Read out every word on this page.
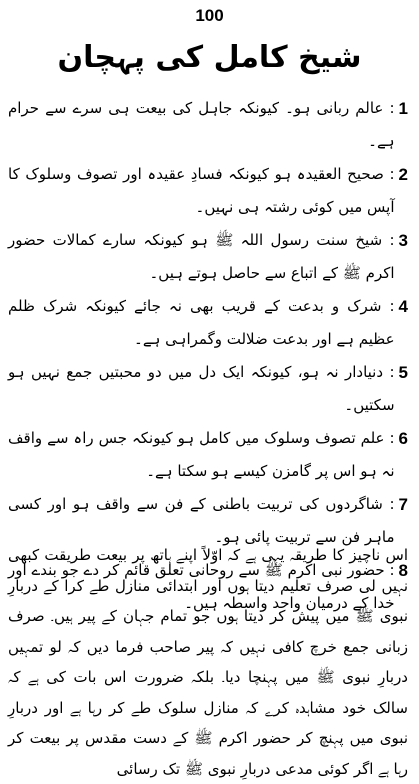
100
شیخ کامل کی پہچان
1
: عالم ربانی ہو۔ کیونکہ جاہل کی بیعت ہی سرے سے حرام ہے۔
2
: صحیح العقیدہ ہو کیونکہ فسادِ عقیدہ اور تصوف وسلوک کا آپس میں کوئی رشتہ ہی نہیں۔
3
: شیخ سنت رسول اللہ ﷺ ہو کیونکہ سارے کمالات حضور اکرم ﷺ کے اتباع سے حاصل ہوتے ہیں۔
4
: شرک و بدعت کے قریب بھی نہ جائے کیونکہ شرک ظلم عظیم ہے اور بدعت ضلالت وگمراہی ہے۔
5
: دنیادار نہ ہو، کیونکہ ایک دل میں دو محبتیں جمع نہیں ہو سکتیں۔
6
: علم تصوف وسلوک میں کامل ہو کیونکہ جس راہ سے واقف نہ ہو اس پر گامزن کیسے ہو سکتا ہے۔
7
: شاگردوں کی تربیت باطنی کے فن سے واقف ہو اور کسی ماہر فن سے تربیت پائی ہو۔
8
: حضور نبی اکرم ﷺ سے روحانی تعلق قائم کر دے جو بندے اور خدا کے درمیان واحد واسطہ ہیں۔
اس ناچیز کا طریقہ یہی ہے کہ اوّلاً اپنے ہاتھ پر بیعت طریقت کبھی نہیں لی صرف تعلیم دیتا ہوں اور ابتدائی منازل طے کرا کے دربارِ نبوی ﷺ میں پیش کر دیتا ہوں جو تمام جہان کے پیر ہیں۔ صرف زبانی جمع خرچ کافی نہیں کہ پیر صاحب فرما دیں کہ لو تمہیں دربارِ نبوی ﷺ میں پہنچا دیا۔ بلکہ ضرورت اس بات کی ہے کہ سالک خود مشاہدہ کرے کہ منازل سلوک طے کر رہا ہے اور دربارِ نبوی میں پہنچ کر حضور اکرم ﷺ کے دست مقدس پر بیعت کر رہا ہے اگر کوئی مدعی دربارِ نبوی ﷺ تک رسائی
